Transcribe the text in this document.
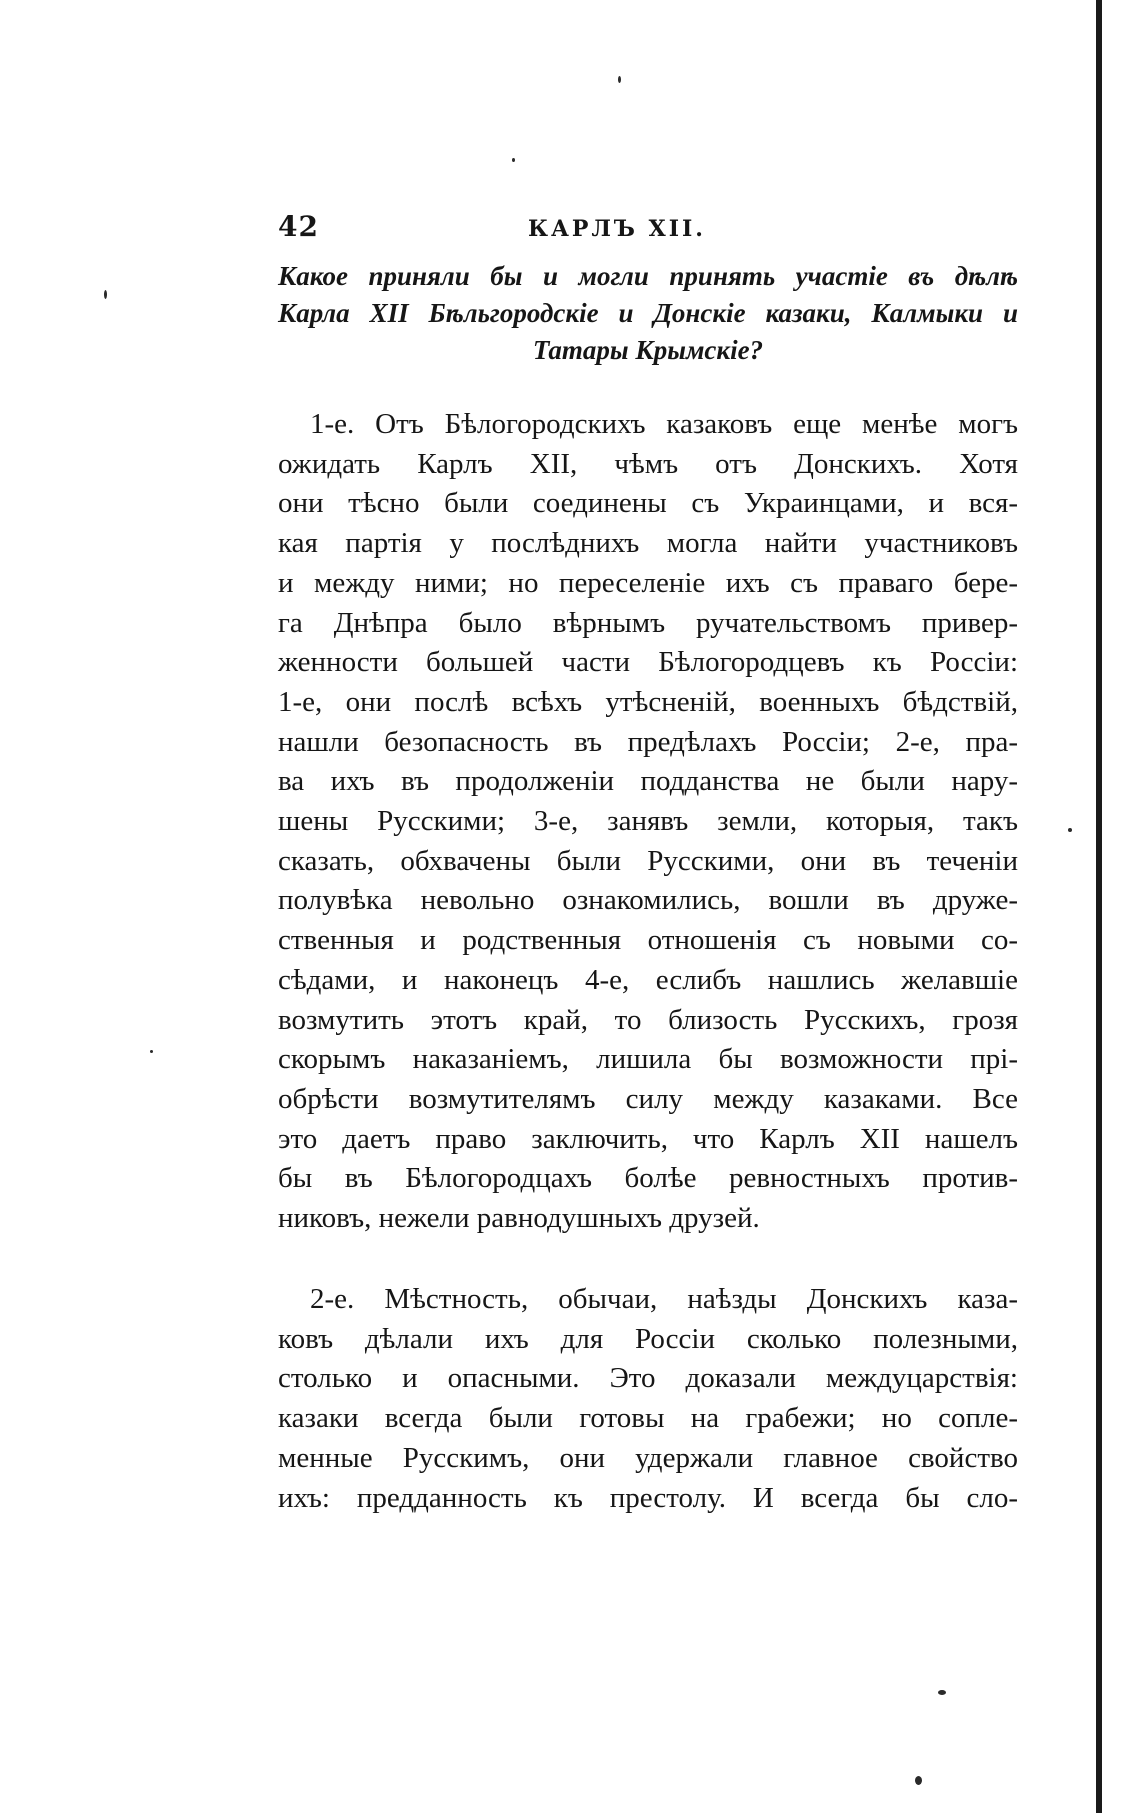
42	КАРЛЪ XII.
Какое приняли бы и могли принять участіе въ дѣлѣ
Карла XII Бѣльгородскіе и Донскіе казаки, Калмыки и
Татары Крымскіе?
1-е. Отъ Бѣлогородскихъ казаковъ еще менѣе могъ
ожидать Карлъ XII, чѣмъ отъ Донскихъ. Хотя
они тѣсно были соединены съ Украинцами, и вся-
кая партія у послѣднихъ могла найти участниковъ
и между ними; но переселеніе ихъ съ праваго бере-
га Днѣпра было вѣрнымъ ручательствомъ привер-
женности большей части Бѣлогородцевъ къ Россіи:
1-е, они послѣ всѣхъ утѣсненій, военныхъ бѣдствій,
нашли безопасность въ предѣлахъ Россіи; 2-е, пра-
ва ихъ въ продолженіи подданства не были нару-
шены Русскими; 3-е, занявъ земли, которыя, такъ
сказать, обхвачены были Русскими, они въ теченіи
полувѣка невольно ознакомились, вошли въ друже-
ственныя и родственныя отношенія съ новыми со-
сѣдами, и наконецъ 4-е, еслибъ нашлись желавшіе
возмутить этотъ край, то близость Русскихъ, грозя
скорымъ наказаніемъ, лишила бы возможности прі-
обрѣсти возмутителямъ силу между казаками. Все
это даетъ право заключить, что Карлъ XII нашелъ
бы въ Бѣлогородцахъ болѣе ревностныхъ против-
никовъ, нежели равнодушныхъ друзей.
2-е. Мѣстность, обычаи, наѣзды Донскихъ каза-
ковъ дѣлали ихъ для Россіи сколько полезными,
столько и опасными. Это доказали междуцарствія:
казаки всегда были готовы на грабежи; но сопле-
менные Русскимъ, они удержали главное свойство
ихъ: предданность къ престолу. И всегда бы сло-
